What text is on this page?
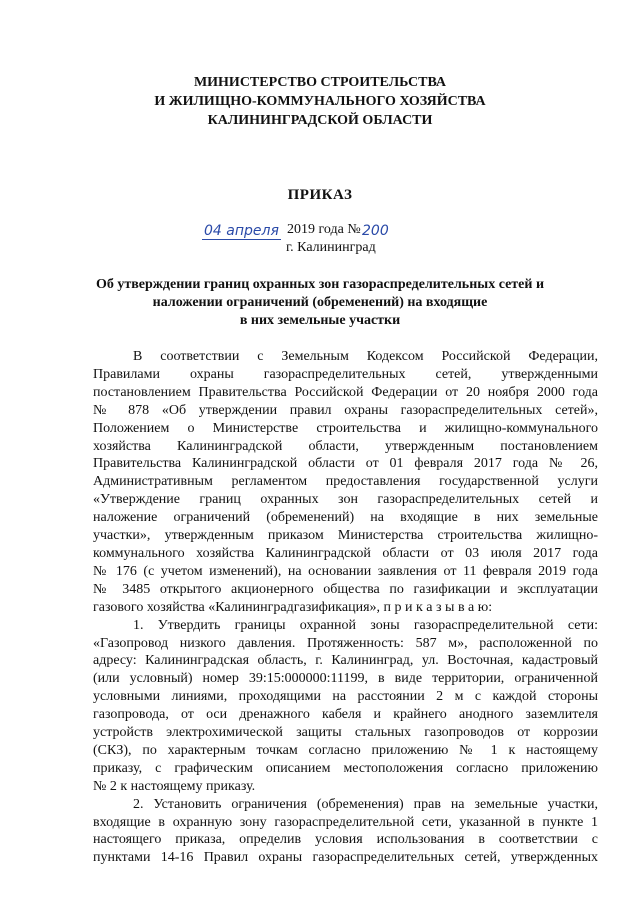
МИНИСТЕРСТВО СТРОИТЕЛЬСТВА
И ЖИЛИЩНО-КОММУНАЛЬНОГО ХОЗЯЙСТВА
КАЛИНИНГРАДСКОЙ ОБЛАСТИ
ПРИКАЗ
04 апреля 2019 года № 200
г. Калининград
Об утверждении границ охранных зон газораспределительных сетей и
наложении ограничений (обременений) на входящие
в них земельные участки
В соответствии с Земельным Кодексом Российской Федерации,
Правилами охраны газораспределительных сетей, утвержденными
постановлением Правительства Российской Федерации от 20 ноября 2000 года
№ 878 «Об утверждении правил охраны газораспределительных сетей»,
Положением о Министерстве строительства и жилищно-коммунального
хозяйства Калининградской области, утвержденным постановлением
Правительства Калининградской области от 01 февраля 2017 года № 26,
Административным регламентом предоставления государственной услуги
«Утверждение границ охранных зон газораспределительных сетей и
наложение ограничений (обременений) на входящие в них земельные
участки», утвержденным приказом Министерства строительства жилищно-
коммунального хозяйства Калининградской области от 03 июля 2017 года
№ 176 (с учетом изменений), на основании заявления от 11 февраля 2019 года
№ 3485 открытого акционерного общества по газификации и эксплуатации
газового хозяйства «Калининградгазификация», п р и к а з ы в а ю:
1. Утвердить границы охранной зоны газораспределительной сети:
«Газопровод низкого давления. Протяженность: 587 м», расположенной по
адресу: Калининградская область, г. Калининград, ул. Восточная, кадастровый
(или условный) номер 39:15:000000:11199, в виде территории, ограниченной
условными линиями, проходящими на расстоянии 2 м с каждой стороны
газопровода, от оси дренажного кабеля и крайнего анодного заземлителя
устройств электрохимической защиты стальных газопроводов от коррозии
(СКЗ), по характерным точкам согласно приложению № 1 к настоящему
приказу, с графическим описанием местоположения согласно приложению
№ 2 к настоящему приказу.
2. Установить ограничения (обременения) прав на земельные участки,
входящие в охранную зону газораспределительной сети, указанной в пункте 1
настоящего приказа, определив условия использования в соответствии с
пунктами 14-16 Правил охраны газораспределительных сетей, утвержденных
